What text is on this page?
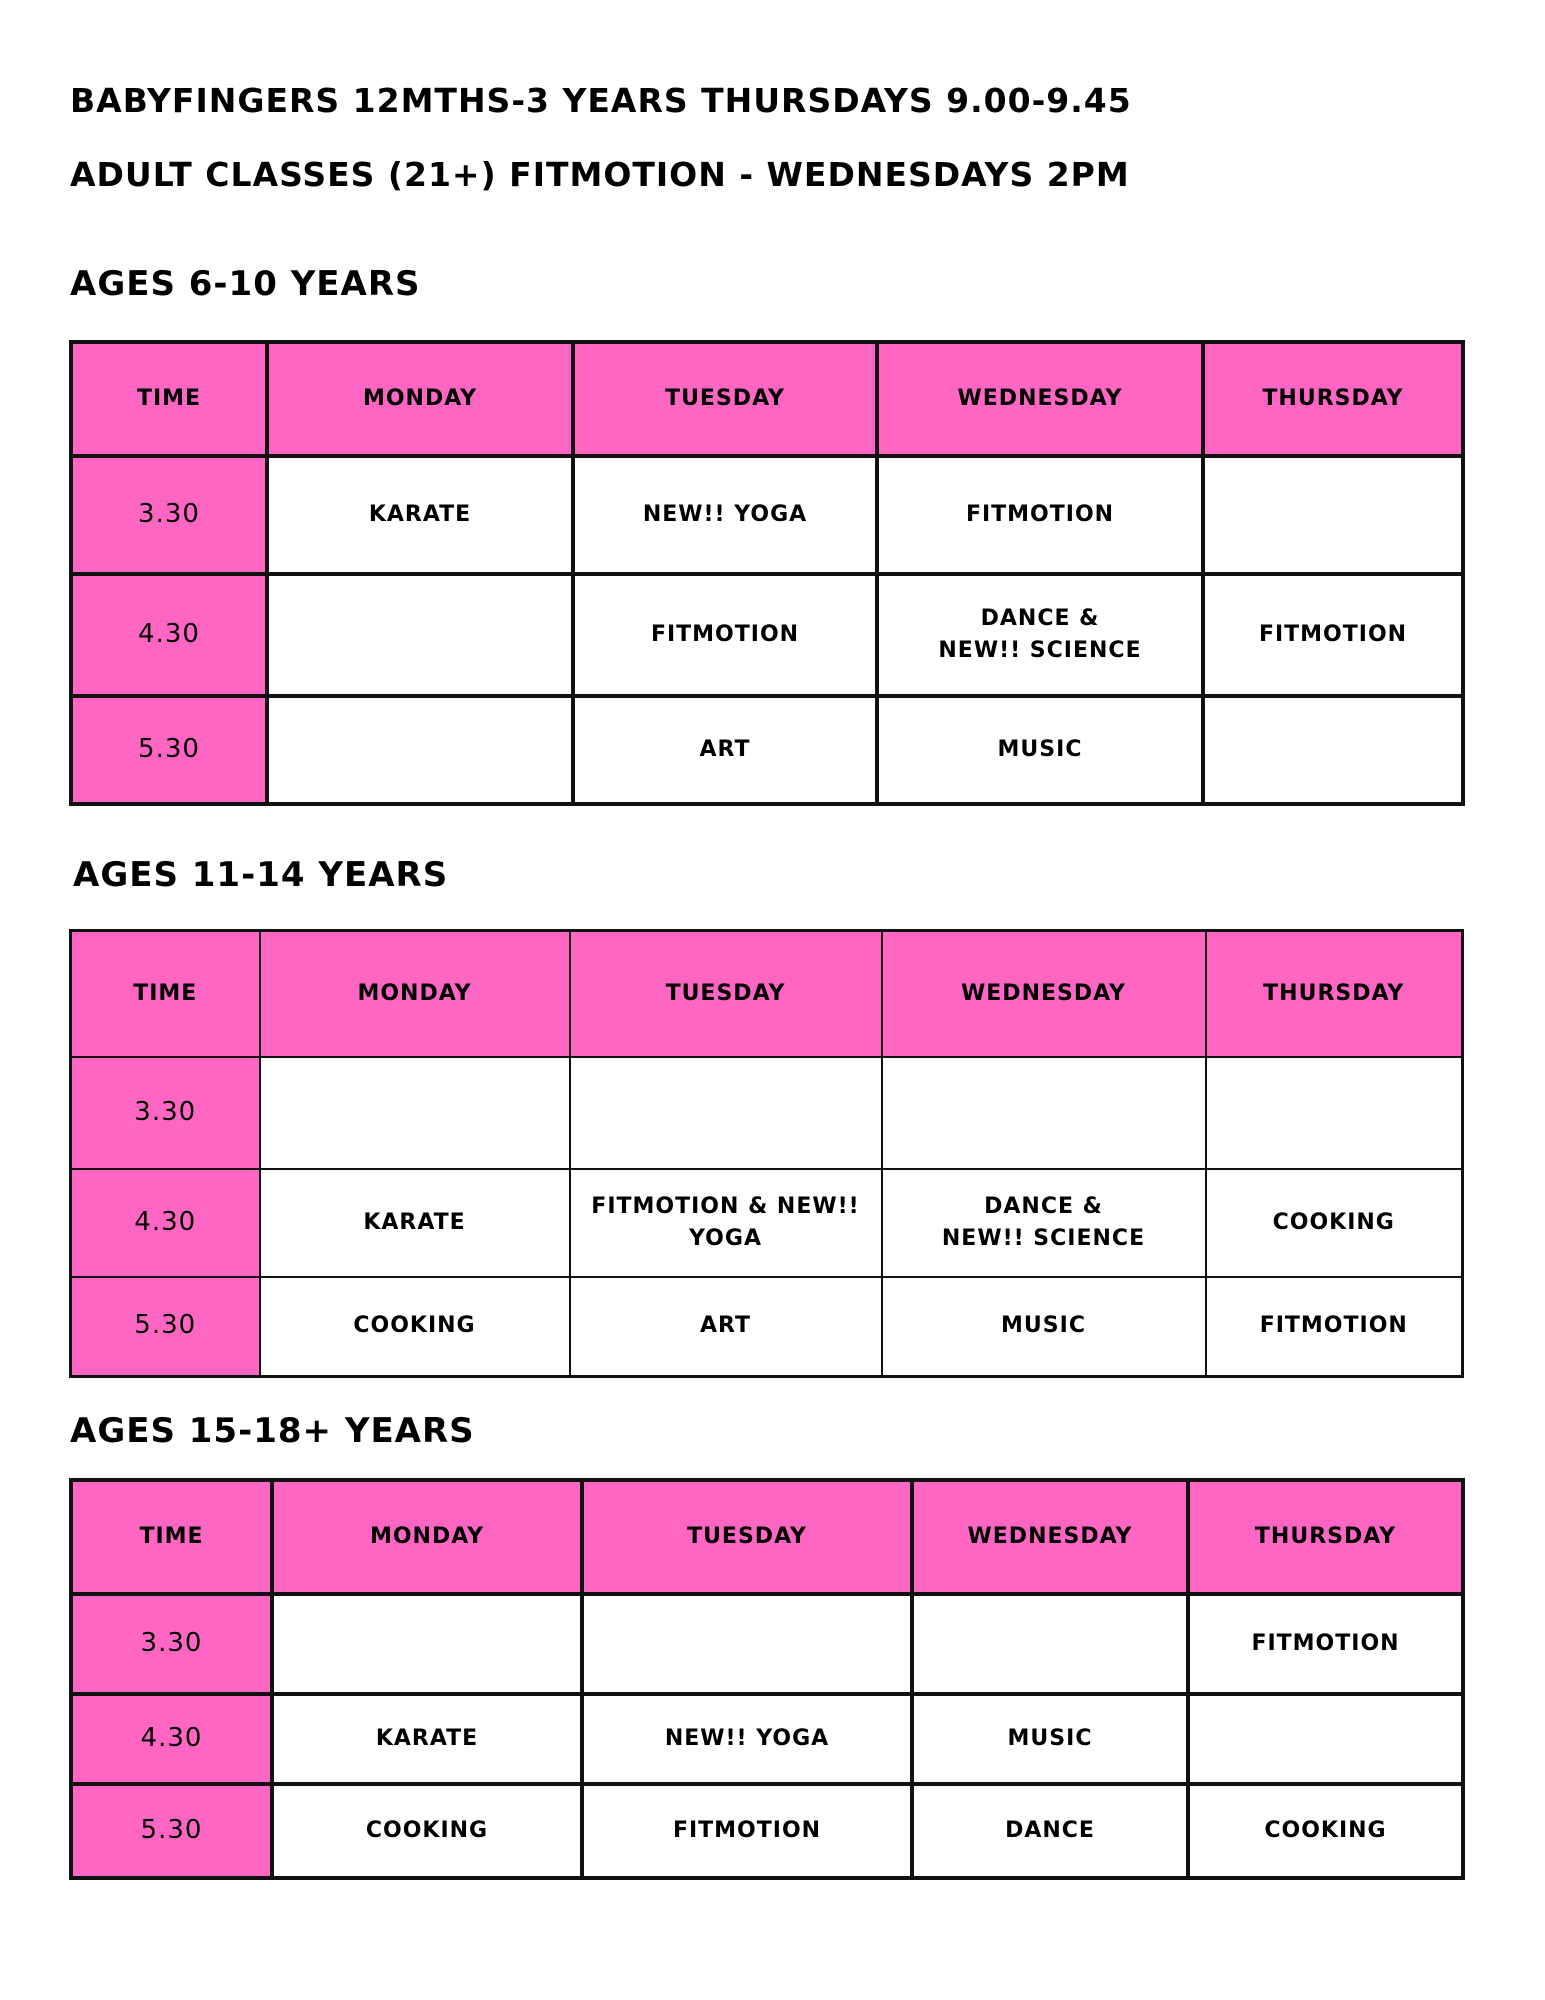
BABYFINGERS 12MTHS-3 YEARS THURSDAYS 9.00-9.45
ADULT CLASSES (21+) FITMOTION - WEDNESDAYS 2PM
AGES 6-10 YEARS
TIME	MONDAY	TUESDAY	WEDNESDAY	THURSDAY
3.30	KARATE	NEW!! YOGA	FITMOTION	
4.30		FITMOTION	DANCE &
NEW!! SCIENCE	FITMOTION
5.30		ART	MUSIC	
AGES 11-14 YEARS
TIME	MONDAY	TUESDAY	WEDNESDAY	THURSDAY
3.30				
4.30	KARATE	FITMOTION & NEW!!
YOGA	DANCE &
NEW!! SCIENCE	COOKING
5.30	COOKING	ART	MUSIC	FITMOTION
AGES 15-18+ YEARS
TIME	MONDAY	TUESDAY	WEDNESDAY	THURSDAY
3.30				FITMOTION
4.30	KARATE	NEW!! YOGA	MUSIC	
5.30	COOKING	FITMOTION	DANCE	COOKING
